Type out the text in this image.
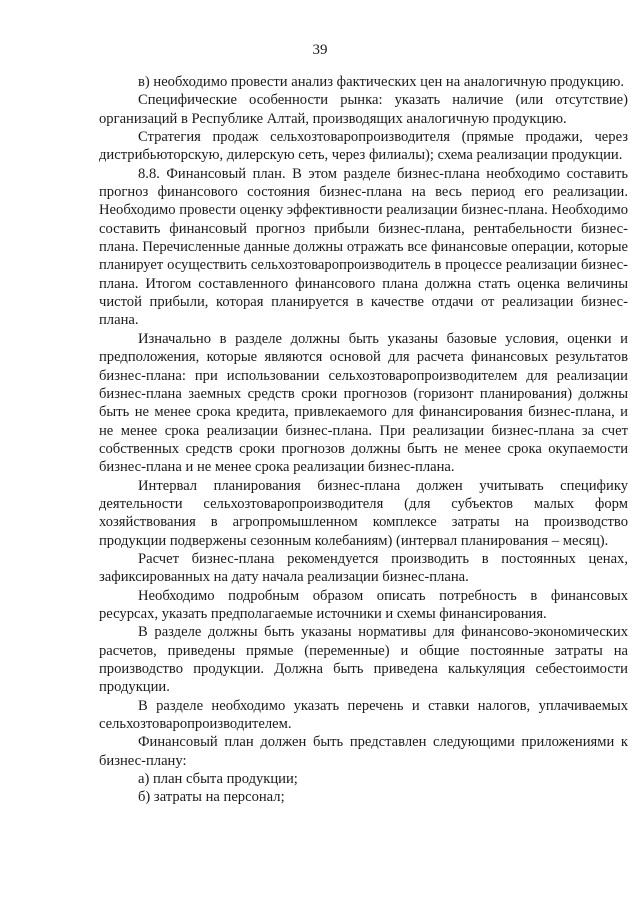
39

в) необходимо провести анализ фактических цен на аналогичную продукцию.

Специфические особенности рынка: указать наличие (или отсутствие) организаций в Республике Алтай, производящих аналогичную продукцию.

Стратегия продаж сельхозтоваропроизводителя (прямые продажи, через дистрибьюторскую, дилерскую сеть, через филиалы); схема реализации продукции.

8.8. Финансовый план. В этом разделе бизнес-плана необходимо составить прогноз финансового состояния бизнес-плана на весь период его реализации. Необходимо провести оценку эффективности реализации бизнес-плана. Необходимо составить финансовый прогноз прибыли бизнес-плана, рентабельности бизнес-плана. Перечисленные данные должны отражать все финансовые операции, которые планирует осуществить сельхозтоваропроизводитель в процессе реализации бизнес-плана. Итогом составленного финансового плана должна стать оценка величины чистой прибыли, которая планируется в качестве отдачи от реализации бизнес-плана.

Изначально в разделе должны быть указаны базовые условия, оценки и предположения, которые являются основой для расчета финансовых результатов бизнес-плана: при использовании сельхозтоваропроизводителем для реализации бизнес-плана заемных средств сроки прогнозов (горизонт планирования) должны быть не менее срока кредита, привлекаемого для финансирования бизнес-плана, и не менее срока реализации бизнес-плана. При реализации бизнес-плана за счет собственных средств сроки прогнозов должны быть не менее срока окупаемости бизнес-плана и не менее срока реализации бизнес-плана.

Интервал планирования бизнес-плана должен учитывать специфику деятельности сельхозтоваропроизводителя (для субъектов малых форм хозяйствования в агропромышленном комплексе затраты на производство продукции подвержены сезонным колебаниям) (интервал планирования – месяц).

Расчет бизнес-плана рекомендуется производить в постоянных ценах, зафиксированных на дату начала реализации бизнес-плана.

Необходимо подробным образом описать потребность в финансовых ресурсах, указать предполагаемые источники и схемы финансирования.

В разделе должны быть указаны нормативы для финансово-экономических расчетов, приведены прямые (переменные) и общие постоянные затраты на производство продукции. Должна быть приведена калькуляция себестоимости продукции.

В разделе необходимо указать перечень и ставки налогов, уплачиваемых сельхозтоваропроизводителем.

Финансовый план должен быть представлен следующими приложениями к бизнес-плану:

а) план сбыта продукции;

б) затраты на персонал;
